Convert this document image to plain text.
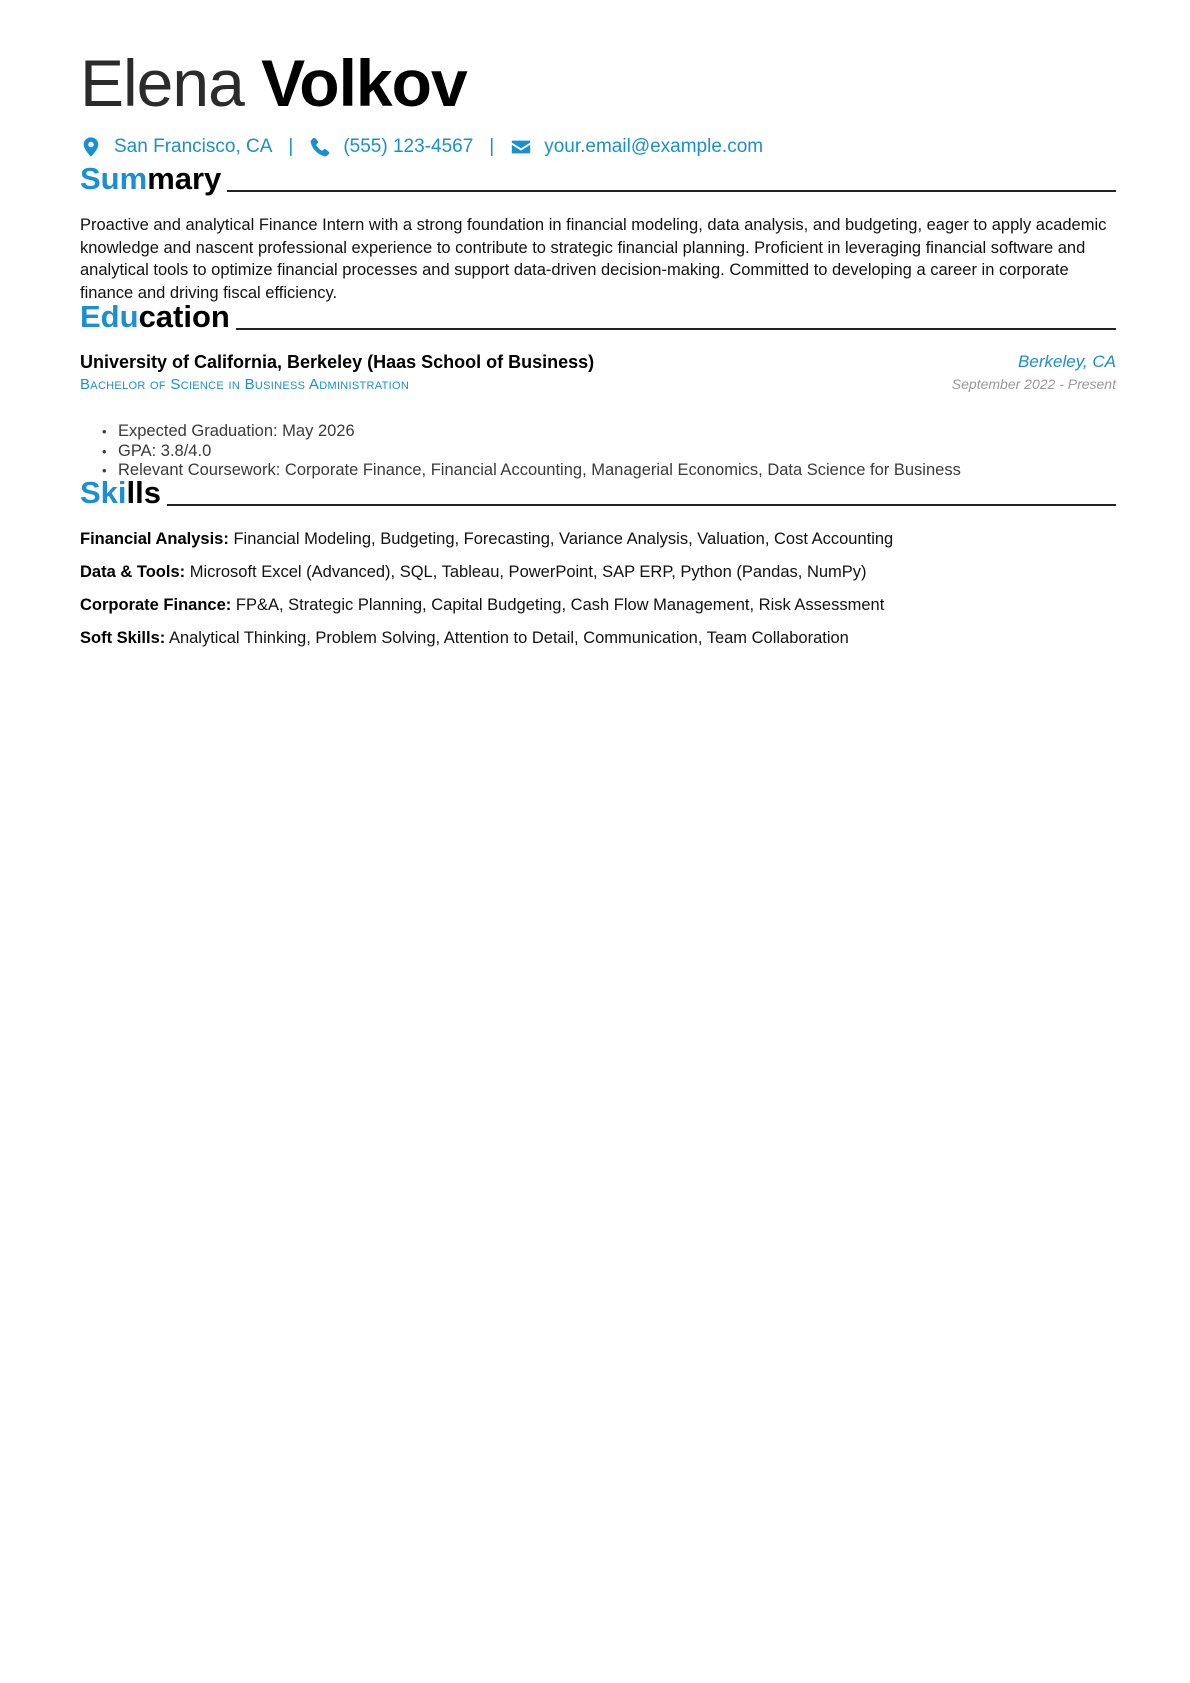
Elena Volkov
San Francisco, CA |	(555) 123-4567 |	your.email@example.com
Summary
Proactive and analytical Finance Intern with a strong foundation in financial modeling, data analysis, and budgeting, eager to apply academic knowledge and nascent professional experience to contribute to strategic financial planning. Proficient in leveraging financial software and analytical tools to optimize financial processes and support data-driven decision-making. Committed to developing a career in corporate finance and driving fiscal efficiency.
Education
University of California, Berkeley (Haas School of Business)	Berkeley, CA
Bachelor of Science in Business Administration	September 2022 - Present
• Expected Graduation: May 2026
• GPA: 3.8/4.0
• Relevant Coursework: Corporate Finance, Financial Accounting, Managerial Economics, Data Science for Business
Skills
Financial Analysis: Financial Modeling, Budgeting, Forecasting, Variance Analysis, Valuation, Cost Accounting
Data & Tools: Microsoft Excel (Advanced), SQL, Tableau, PowerPoint, SAP ERP, Python (Pandas, NumPy)
Corporate Finance: FP&A, Strategic Planning, Capital Budgeting, Cash Flow Management, Risk Assessment
Soft Skills: Analytical Thinking, Problem Solving, Attention to Detail, Communication, Team Collaboration
